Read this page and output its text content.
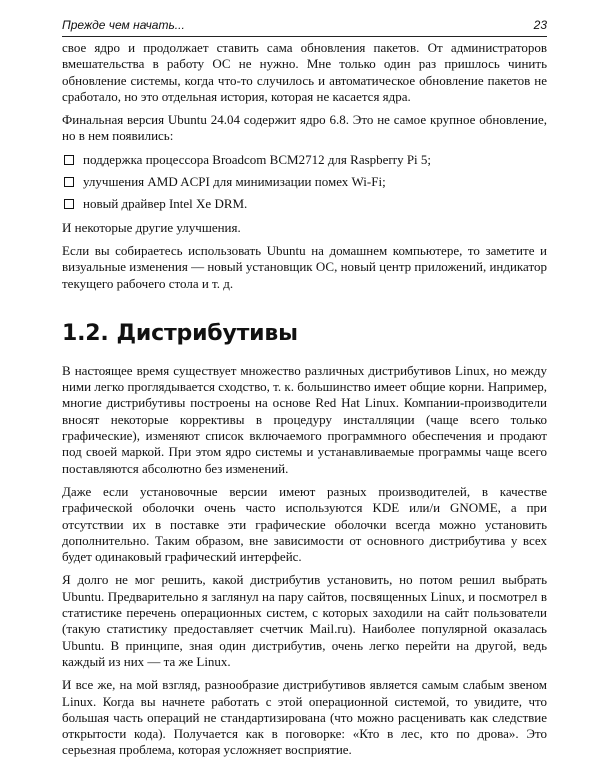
Прежде чем начать...	23

свое ядро и продолжает ставить сама обновления пакетов. От администраторов вмешательства в работу ОС не нужно. Мне только один раз пришлось чинить обновление системы, когда что-то случилось и автоматическое обновление пакетов не сработало, но это отдельная история, которая не касается ядра.

Финальная версия Ubuntu 24.04 содержит ядро 6.8. Это не самое крупное обновление, но в нем появились:

поддержка процессора Broadcom BCM2712 для Raspberry Pi 5;
улучшения AMD ACPI для минимизации помех Wi-Fi;
новый драйвер Intel Xe DRM.

И некоторые другие улучшения.

Если вы собираетесь использовать Ubuntu на домашнем компьютере, то заметите и визуальные изменения — новый установщик ОС, новый центр приложений, индикатор текущего рабочего стола и т. д.

1.2. Дистрибутивы

В настоящее время существует множество различных дистрибутивов Linux, но между ними легко проглядывается сходство, т. к. большинство имеет общие корни. Например, многие дистрибутивы построены на основе Red Hat Linux. Компании-производители вносят некоторые коррективы в процедуру инсталляции (чаще всего только графические), изменяют список включаемого программного обеспечения и продают под своей маркой. При этом ядро системы и устанавливаемые программы чаще всего поставляются абсолютно без изменений.

Даже если установочные версии имеют разных производителей, в качестве графической оболочки очень часто используются KDE или/и GNOME, а при отсутствии их в поставке эти графические оболочки всегда можно установить дополнительно. Таким образом, вне зависимости от основного дистрибутива у всех будет одинаковый графический интерфейс.

Я долго не мог решить, какой дистрибутив установить, но потом решил выбрать Ubuntu. Предварительно я заглянул на пару сайтов, посвященных Linux, и посмотрел в статистике перечень операционных систем, с которых заходили на сайт пользователи (такую статистику предоставляет счетчик Mail.ru). Наиболее популярной оказалась Ubuntu. В принципе, зная один дистрибутив, очень легко перейти на другой, ведь каждый из них — та же Linux.

И все же, на мой взгляд, разнообразие дистрибутивов является самым слабым звеном Linux. Когда вы начнете работать с этой операционной системой, то увидите, что большая часть операций не стандартизирована (что можно расценивать как следствие открытости кода). Получается как в поговорке: «Кто в лес, кто по дрова». Это серьезная проблема, которая усложняет восприятие.
